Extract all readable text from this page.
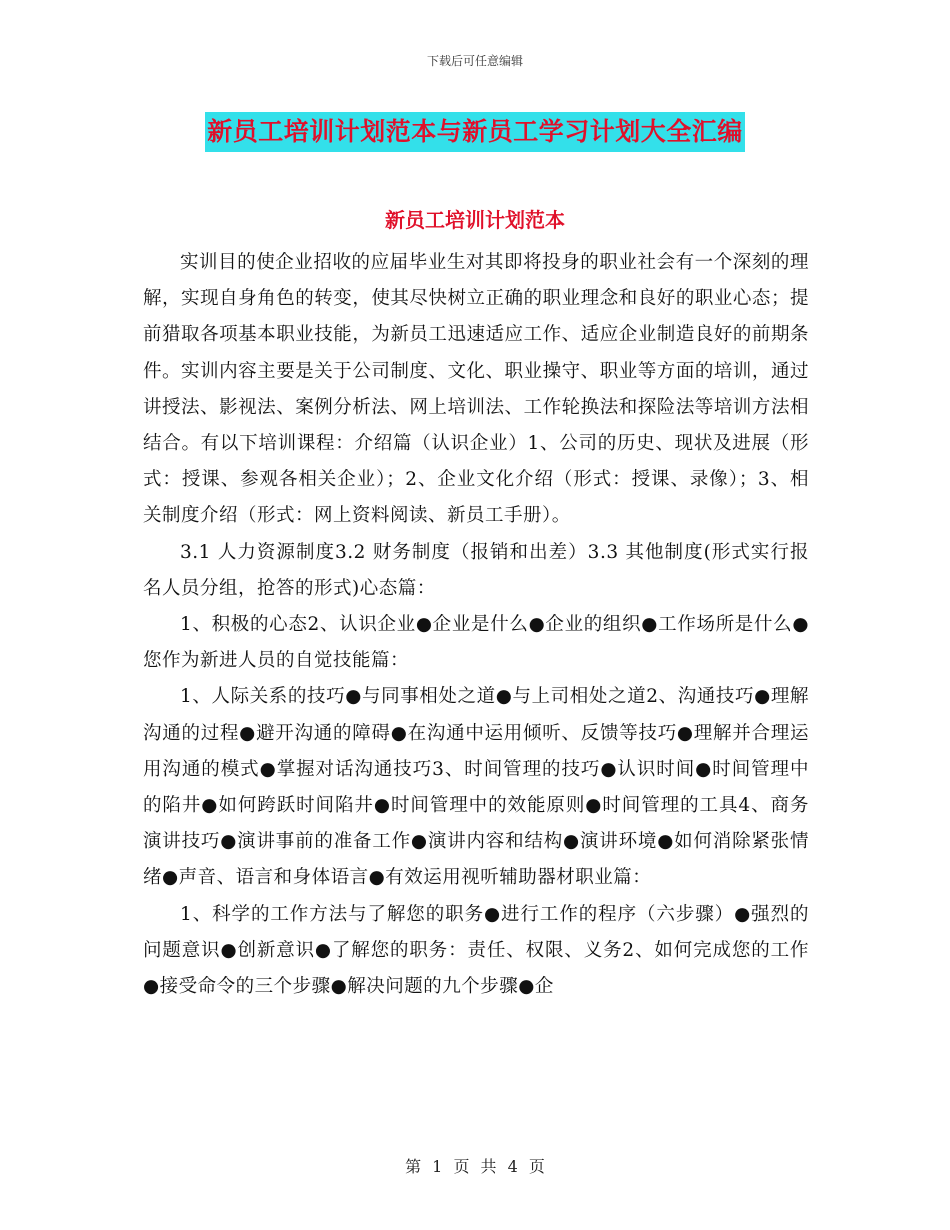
下载后可任意编辑
新员工培训计划范本与新员工学习计划大全汇编
新员工培训计划范本

实训目的使企业招收的应届毕业生对其即将投身的职业社会有一个深刻的理解，实现自身角色的转变，使其尽快树立正确的职业理念和良好的职业心态；提前猎取各项基本职业技能，为新员工迅速适应工作、适应企业制造良好的前期条件。实训内容主要是关于公司制度、文化、职业操守、职业等方面的培训，通过讲授法、影视法、案例分析法、网上培训法、工作轮换法和探险法等培训方法相结合。有以下培训课程：介绍篇（认识企业）1、公司的历史、现状及进展（形式：授课、参观各相关企业）；2、企业文化介绍（形式：授课、录像）；3、相关制度介绍（形式：网上资料阅读、新员工手册）。

3.1 人力资源制度3.2 财务制度（报销和出差）3.3 其他制度(形式实行报名人员分组，抢答的形式)心态篇：

1、积极的心态2、认识企业●企业是什么●企业的组织●工作场所是什么●您作为新进人员的自觉技能篇：

1、人际关系的技巧●与同事相处之道●与上司相处之道2、沟通技巧●理解沟通的过程●避开沟通的障碍●在沟通中运用倾听、反馈等技巧●理解并合理运用沟通的模式●掌握对话沟通技巧3、时间管理的技巧●认识时间●时间管理中的陷井●如何跨跃时间陷井●时间管理中的效能原则●时间管理的工具4、商务演讲技巧●演讲事前的准备工作●演讲内容和结构●演讲环境●如何消除紧张情绪●声音、语言和身体语言●有效运用视听辅助器材职业篇：

1、科学的工作方法与了解您的职务●进行工作的程序（六步骤）●强烈的问题意识●创新意识●了解您的职务：责任、权限、义务2、如何完成您的工作●接受命令的三个步骤●解决问题的九个步骤●企

第 1 页 共 4 页
